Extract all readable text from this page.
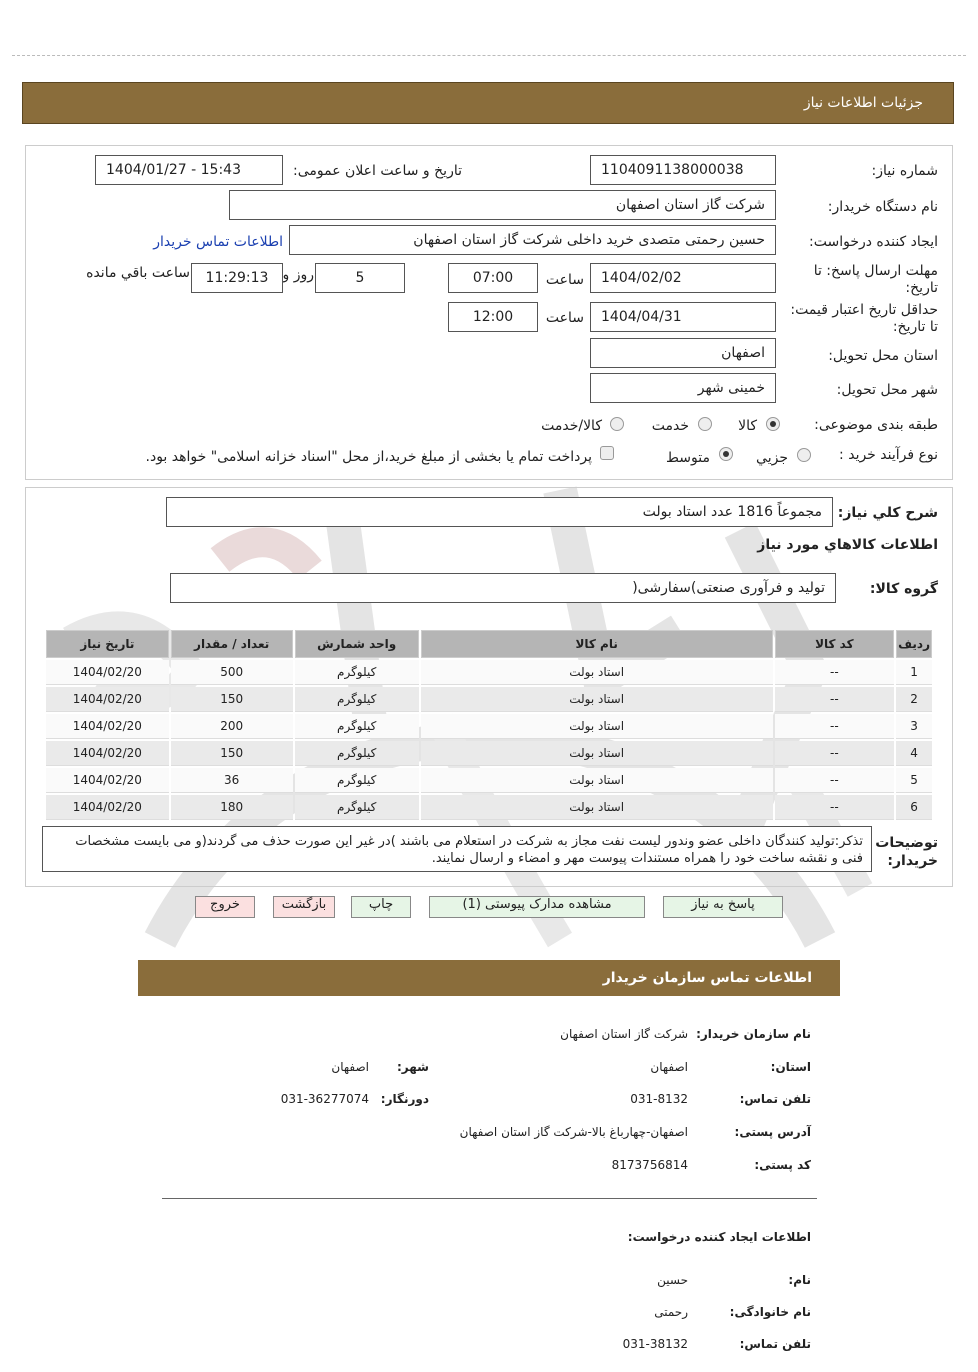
جزئیات اطلاعات نیاز
شماره نیاز:
1104091138000038
تاریخ و ساعت اعلان عمومی:
1404/01/27 - 15:43
نام دستگاه خریدار:
شرکت گاز استان اصفهان
ایجاد کننده درخواست:
حسین رحمتی متصدی خرید داخلی شرکت گاز استان اصفهان
اطلاعات تماس خریدار
مهلت ارسال پاسخ: تا تاریخ:
1404/02/02
ساعت
07:00
5
روز و
11:29:13
ساعت باقي مانده
حداقل تاریخ اعتبار قیمت: تا تاریخ:
1404/04/31
ساعت
12:00
استان محل تحویل:
اصفهان
شهر محل تحویل:
خمینی شهر
طبقه بندی موضوعی:
کالا
خدمت
کالا/خدمت
نوع فرآیند خرید :
جزيي
متوسط
پرداخت تمام یا بخشی از مبلغ خرید،از محل "اسناد خزانه اسلامی" خواهد بود.
شرح کلي نياز:
مجموعاً 1816 عدد استاد بولت
اطلاعات کالاهاي مورد نياز
گروه کالا:
تولید و فرآوری صنعتی)سفارشی(
رديف	کد کالا	نام کالا	واحد شمارش	تعداد / مقدار	تاریخ نیاز
1	--	استاد بولت	کیلوگرم	500	1404/02/20
2	--	استاد بولت	کیلوگرم	150	1404/02/20
3	--	استاد بولت	کیلوگرم	200	1404/02/20
4	--	استاد بولت	کیلوگرم	150	1404/02/20
5	--	استاد بولت	کیلوگرم	36	1404/02/20
6	--	استاد بولت	کیلوگرم	180	1404/02/20
توضیحات خریدار:
تذکر:تولید کنندگان داخلی عضو وندور لیست نفت مجاز به شرکت در استعلام می باشند )در غیر این صورت حذف می گردند(و می بایست مشخصات فنی و نقشه ساخت خود را همراه مستندات پیوست مهر و امضاء و ارسال نمایند.
پاسخ به نیاز
مشاهده مدارک پیوستی (1)
چاپ
بازگشت
خروج
اطلاعات تماس سازمان خریدار
نام سازمان خریدار:
شرکت گاز استان اصفهان
استان:
اصفهان
شهر:
اصفهان
تلفن تماس:
031-8132
دورنگار:
031-36277074
آدرس پستی:
اصفهان-چهارباغ بالا-شرکت گاز استان اصفهان
کد پستی:
8173756814
اطلاعات ایجاد کننده درخواست:
نام:
حسین
نام خانوادگی:
رحمتی
تلفن تماس:
031-38132
